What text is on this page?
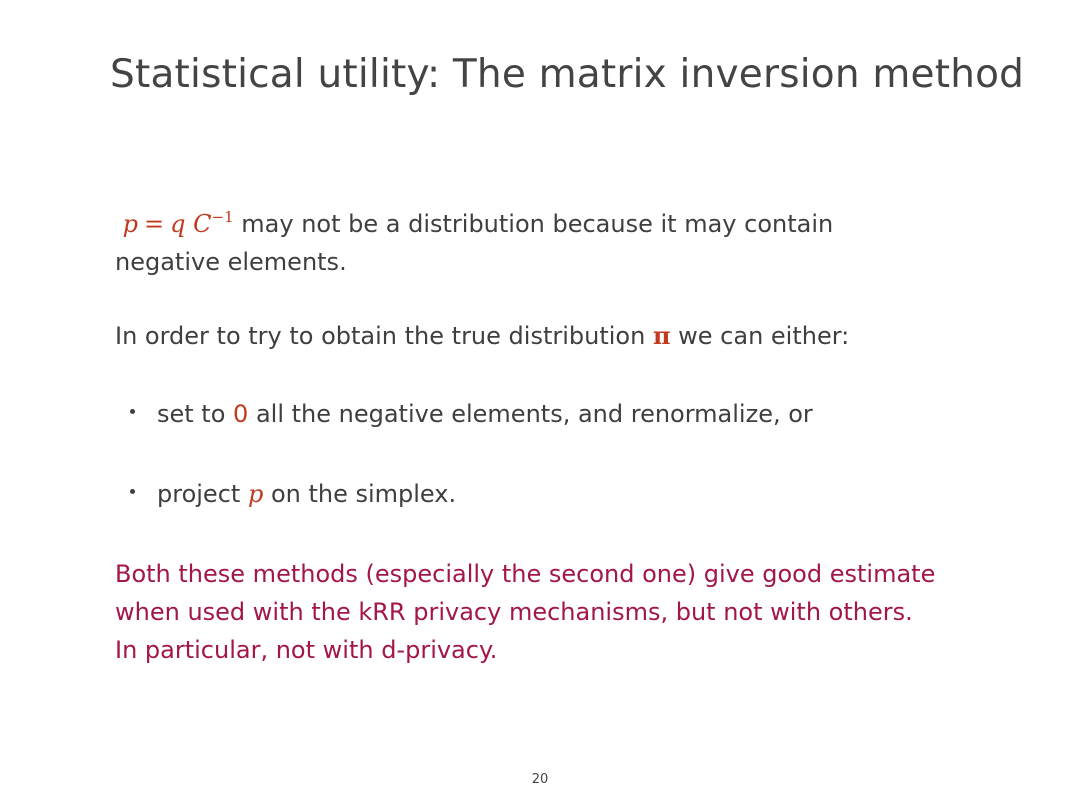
Statistical utility: The matrix inversion method
p = q $C^{-1}$ may not be a distribution because it may contain
negative elements.
In order to try to obtain the true distribution π we can either:
set to 0 all the negative elements, and renormalize, or
project p on the simplex.
Both these methods (especially the second one) give good estimate
when used with the kRR privacy mechanisms, but not with others.
In particular, not with d-privacy.
20
